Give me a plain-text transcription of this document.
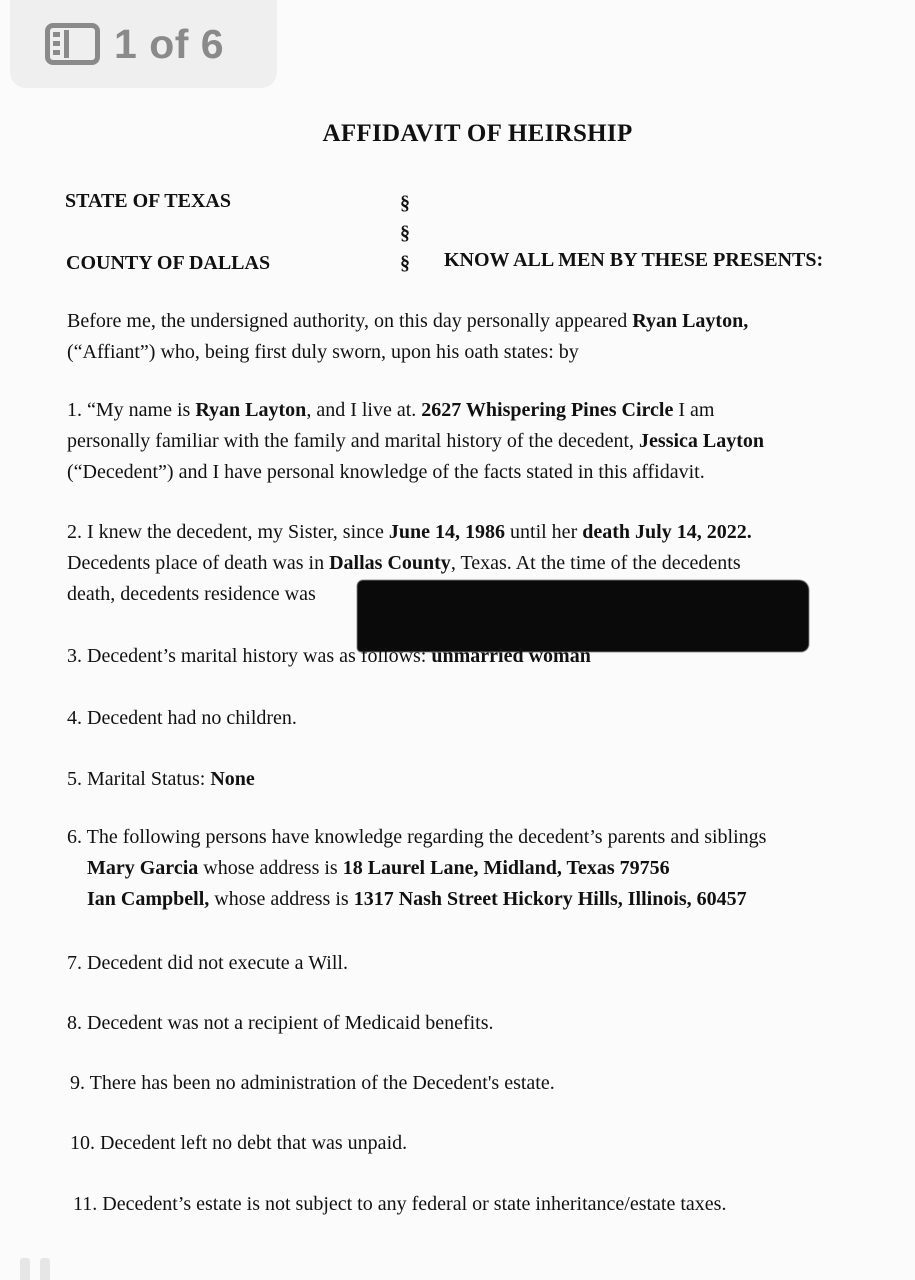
1 of 6
AFFIDAVIT OF HEIRSHIP
STATE OF TEXAS	§
§
§
COUNTY OF DALLAS	KNOW ALL MEN BY THESE PRESENTS:
Before me, the undersigned authority, on this day personally appeared Ryan Layton,
(“Affiant”) who, being first duly sworn, upon his oath states: by
1. “My name is Ryan Layton, and I live at. 2627 Whispering Pines Circle I am
personally familiar with the family and marital history of the decedent, Jessica Layton
(“Decedent”) and I have personal knowledge of the facts stated in this affidavit.
2. I knew the decedent, my Sister, since June 14, 1986 until her death July 14, 2022.
Decedents place of death was in Dallas County, Texas. At the time of the decedents
death, decedents residence was
3. Decedent’s marital history was as follows: unmarried woman
4. Decedent had no children.
5. Marital Status: None
6. The following persons have knowledge regarding the decedent’s parents and siblings
Mary Garcia whose address is 18 Laurel Lane, Midland, Texas 79756
Ian Campbell, whose address is 1317 Nash Street Hickory Hills, Illinois, 60457
7. Decedent did not execute a Will.
8. Decedent was not a recipient of Medicaid benefits.
9. There has been no administration of the Decedent's estate.
10. Decedent left no debt that was unpaid.
11. Decedent’s estate is not subject to any federal or state inheritance/estate taxes.
